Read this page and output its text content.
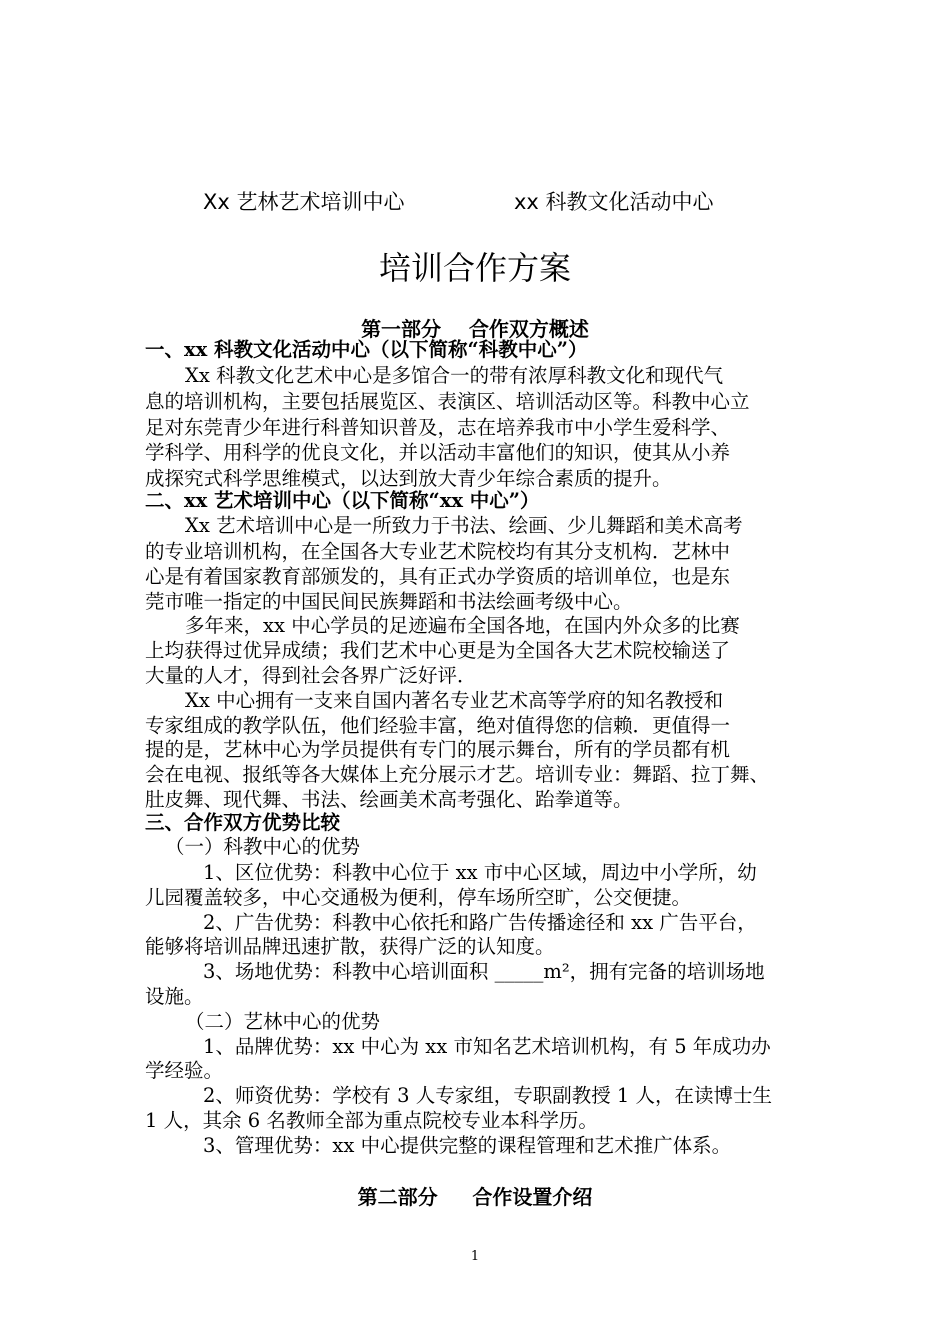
Xx 艺林艺术培训中心	xx 科教文化活动中心
培训合作方案
第一部分    合作双方概述
一、xx 科教文化活动中心（以下简称“科教中心”）
Xx 科教文化艺术中心是多馆合一的带有浓厚科教文化和现代气
息的培训机构，主要包括展览区、表演区、培训活动区等。科教中心立
足对东莞青少年进行科普知识普及，志在培养我市中小学生爱科学、
学科学、用科学的优良文化，并以活动丰富他们的知识，使其从小养
成探究式科学思维模式，以达到放大青少年综合素质的提升。
二、xx 艺术培训中心（以下简称“xx 中心”）
Xx 艺术培训中心是一所致力于书法、绘画、少儿舞蹈和美术高考
的专业培训机构，在全国各大专业艺术院校均有其分支机构．艺林中
心是有着国家教育部颁发的，具有正式办学资质的培训单位，也是东
莞市唯一指定的中国民间民族舞蹈和书法绘画考级中心。
多年来，xx 中心学员的足迹遍布全国各地，在国内外众多的比赛
上均获得过优异成绩；我们艺术中心更是为全国各大艺术院校输送了
大量的人才，得到社会各界广泛好评．
Xx 中心拥有一支来自国内著名专业艺术高等学府的知名教授和
专家组成的教学队伍，他们经验丰富，绝对值得您的信赖．更值得一
提的是，艺林中心为学员提供有专门的展示舞台，所有的学员都有机
会在电视、报纸等各大媒体上充分展示才艺。培训专业：舞蹈、拉丁舞、
肚皮舞、现代舞、书法、绘画美术高考强化、跆拳道等。
三、合作双方优势比较
（一）科教中心的优势
1、区位优势：科教中心位于 xx 市中心区域，周边中小学所，幼
儿园覆盖较多，中心交通极为便利，停车场所空旷，公交便捷。
2、广告优势：科教中心依托和路广告传播途径和 xx 广告平台，
能够将培训品牌迅速扩散，获得广泛的认知度。
3、场地优势：科教中心培训面积 _____m²，拥有完备的培训场地
设施。
（二）艺林中心的优势
1、品牌优势：xx 中心为 xx 市知名艺术培训机构，有 5 年成功办
学经验。
2、师资优势：学校有 3 人专家组，专职副教授 1 人，在读博士生
1 人，其余 6 名教师全部为重点院校专业本科学历。
3、管理优势：xx 中心提供完整的课程管理和艺术推广体系。
第二部分     合作设置介绍
1
